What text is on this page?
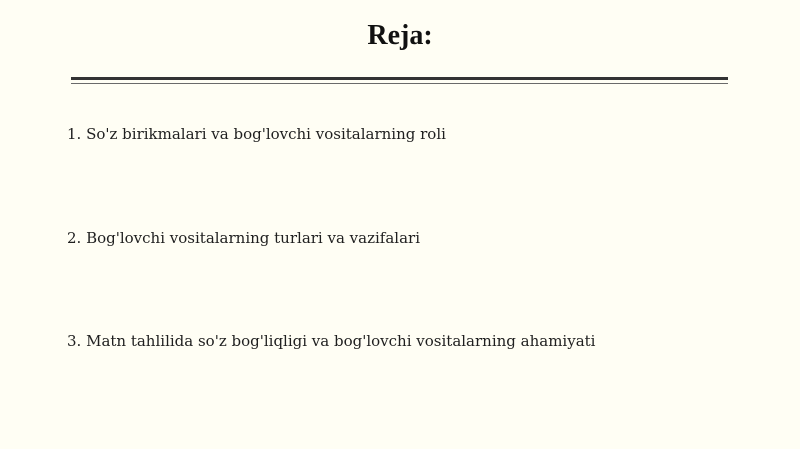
Reja:
1. So'z birikmalari va bog'lovchi vositalarning roli
2. Bog'lovchi vositalarning turlari va vazifalari
3. Matn tahlilida so'z bog'liqligi va bog'lovchi vositalarning ahamiyati
